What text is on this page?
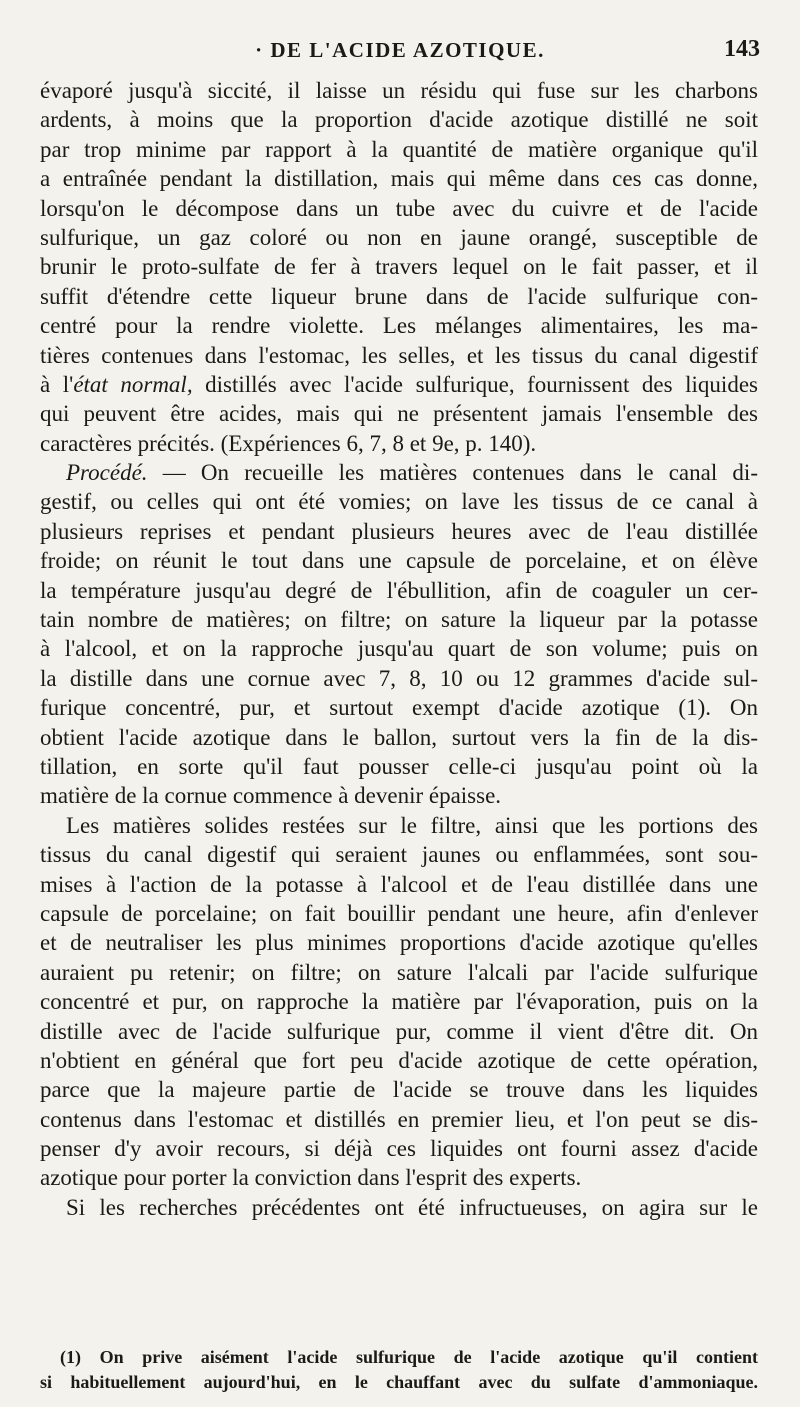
· DE L'ACIDE AZOTIQUE.	143
évaporé jusqu'à siccité, il laisse un résidu qui fuse sur les charbons
ardents, à moins que la proportion d'acide azotique distillé ne soit
par trop minime par rapport à la quantité de matière organique qu'il
a entraînée pendant la distillation, mais qui même dans ces cas donne,
lorsqu'on le décompose dans un tube avec du cuivre et de l'acide
sulfurique, un gaz coloré ou non en jaune orangé, susceptible de
brunir le proto-sulfate de fer à travers lequel on le fait passer, et il
suffit d'étendre cette liqueur brune dans de l'acide sulfurique con-
centré pour la rendre violette. Les mélanges alimentaires, les ma-
tières contenues dans l'estomac, les selles, et les tissus du canal digestif
à l'état normal, distillés avec l'acide sulfurique, fournissent des liquides
qui peuvent être acides, mais qui ne présentent jamais l'ensemble des
caractères précités. (Expériences 6, 7, 8 et 9e, p. 140).
Procédé. — On recueille les matières contenues dans le canal di-
gestif, ou celles qui ont été vomies; on lave les tissus de ce canal à
plusieurs reprises et pendant plusieurs heures avec de l'eau distillée
froide; on réunit le tout dans une capsule de porcelaine, et on élève
la température jusqu'au degré de l'ébullition, afin de coaguler un cer-
tain nombre de matières; on filtre; on sature la liqueur par la potasse
à l'alcool, et on la rapproche jusqu'au quart de son volume; puis on
la distille dans une cornue avec 7, 8, 10 ou 12 grammes d'acide sul-
furique concentré, pur, et surtout exempt d'acide azotique (1). On
obtient l'acide azotique dans le ballon, surtout vers la fin de la dis-
tillation, en sorte qu'il faut pousser celle-ci jusqu'au point où la
matière de la cornue commence à devenir épaisse.
Les matières solides restées sur le filtre, ainsi que les portions des
tissus du canal digestif qui seraient jaunes ou enflammées, sont sou-
mises à l'action de la potasse à l'alcool et de l'eau distillée dans une
capsule de porcelaine; on fait bouillir pendant une heure, afin d'enlever
et de neutraliser les plus minimes proportions d'acide azotique qu'elles
auraient pu retenir; on filtre; on sature l'alcali par l'acide sulfurique
concentré et pur, on rapproche la matière par l'évaporation, puis on la
distille avec de l'acide sulfurique pur, comme il vient d'être dit. On
n'obtient en général que fort peu d'acide azotique de cette opération,
parce que la majeure partie de l'acide se trouve dans les liquides
contenus dans l'estomac et distillés en premier lieu, et l'on peut se dis-
penser d'y avoir recours, si déjà ces liquides ont fourni assez d'acide
azotique pour porter la conviction dans l'esprit des experts.
Si les recherches précédentes ont été infructueuses, on agira sur le
(1) On prive aisément l'acide sulfurique de l'acide azotique qu'il contient
si habituellement aujourd'hui, en le chauffant avec du sulfate d'ammoniaque.
